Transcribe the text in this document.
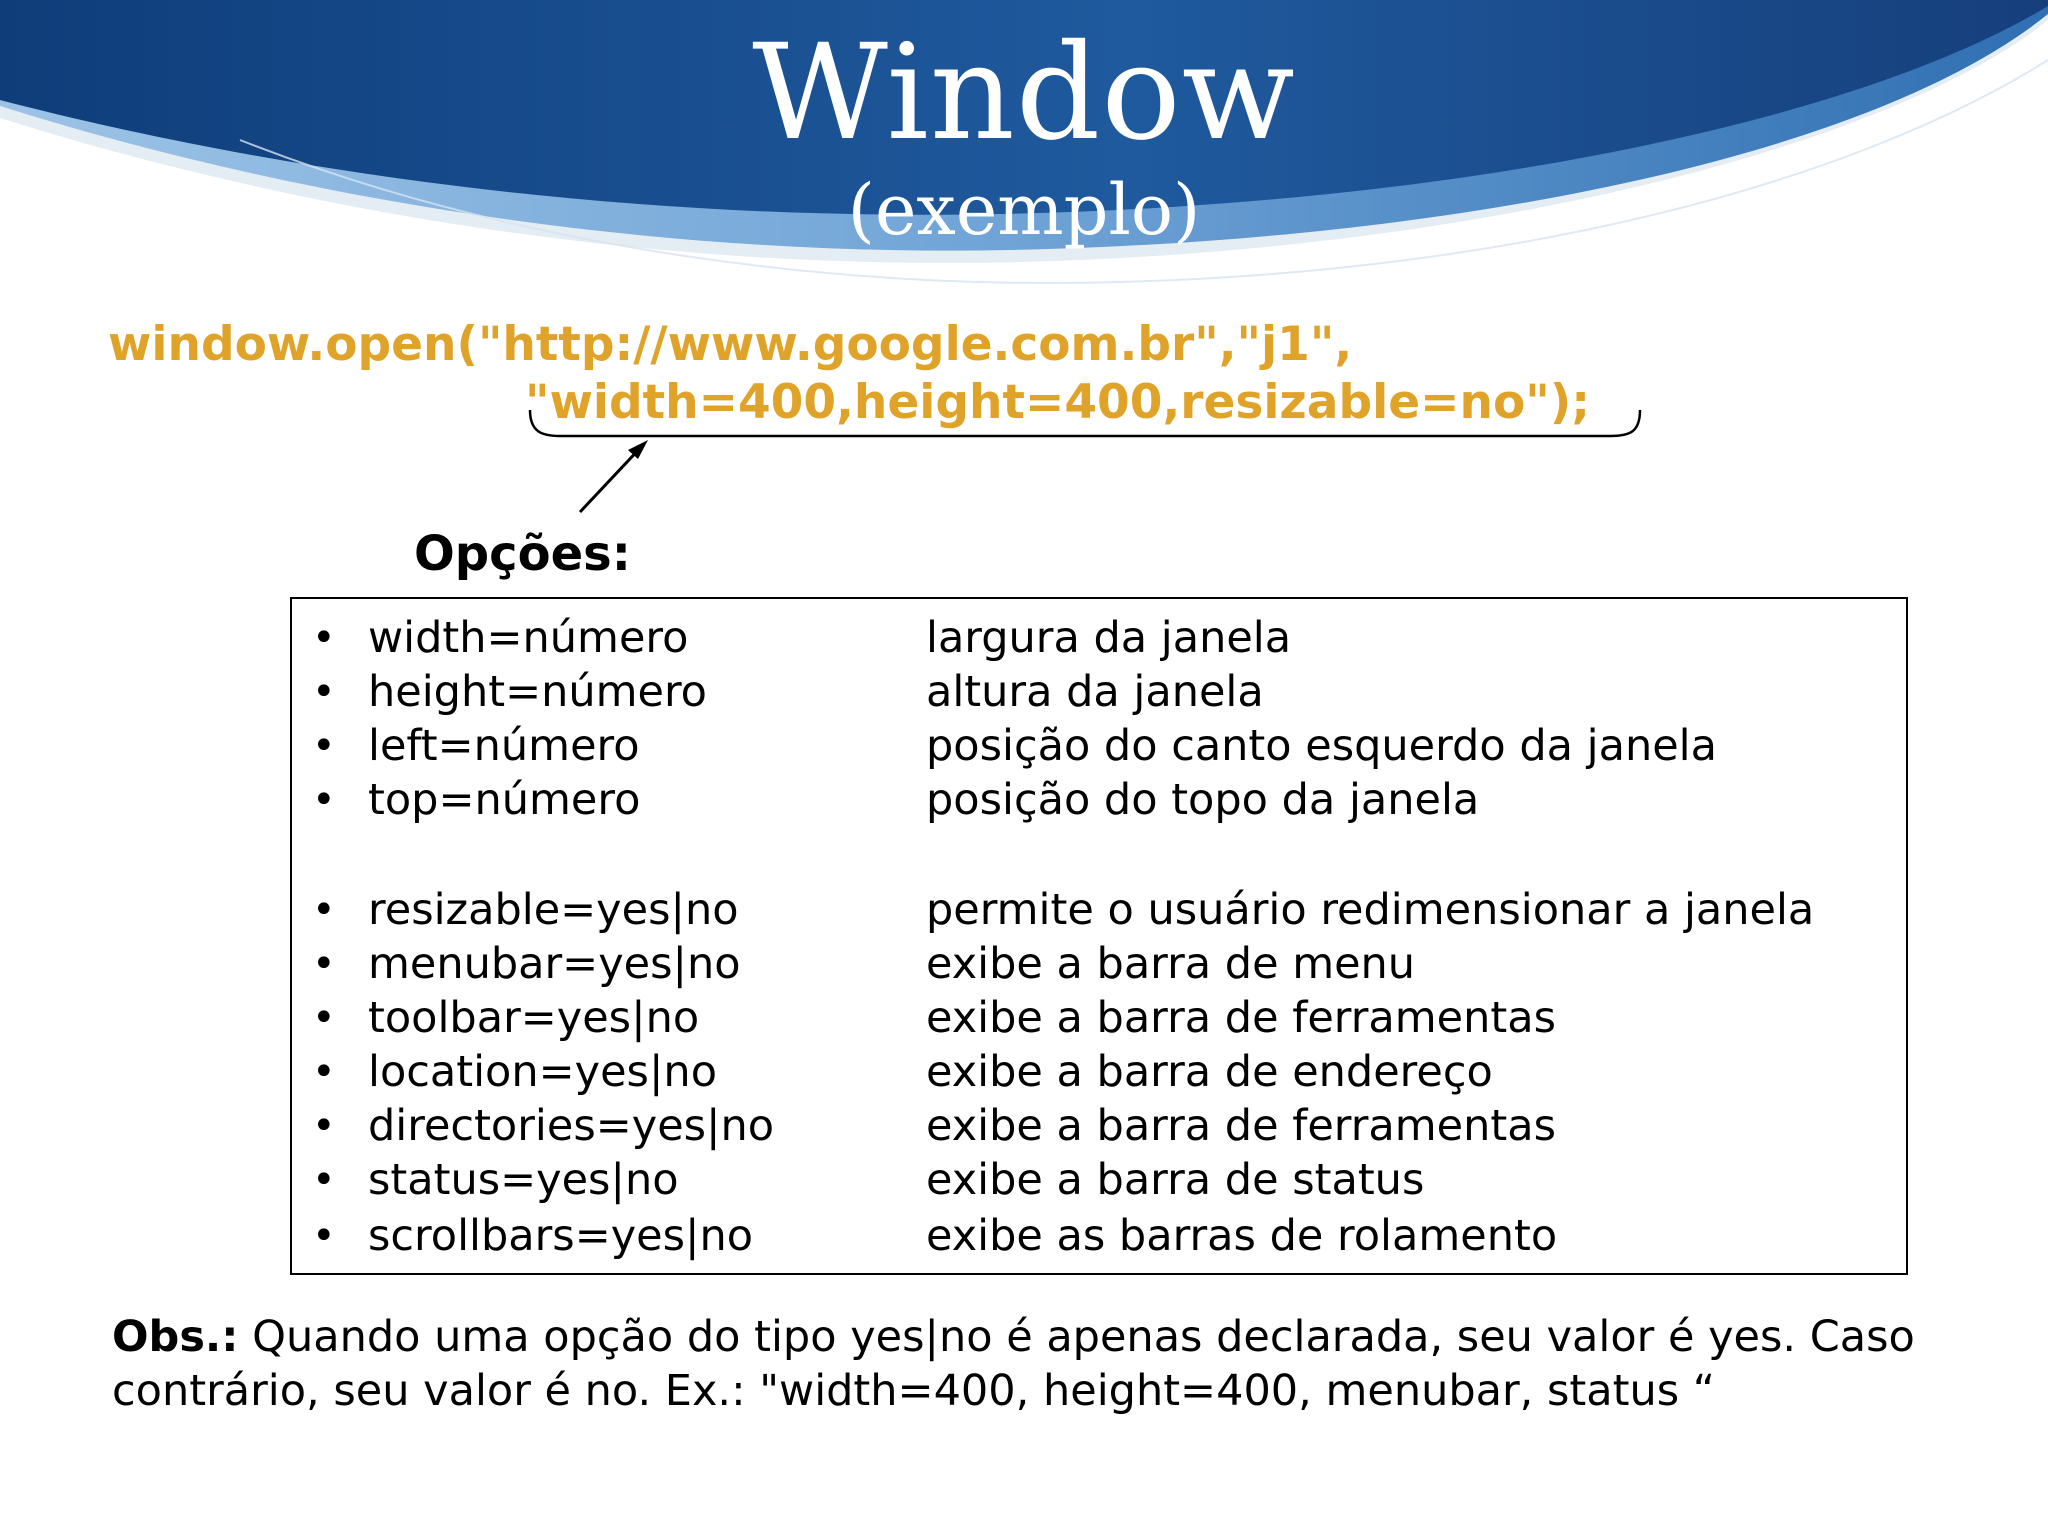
Window

(exemplo)

window.open("http://www.google.com.br","j1",
"width=400,height=400,resizable=no");
Opções:
• width=número	largura da janela
• height=número	altura da janela
• left=número	posição do canto esquerdo da janela
• top=número	posição do topo da janela
• resizable=yes|no	permite o usuário redimensionar a janela
• menubar=yes|no	exibe a barra de menu
• toolbar=yes|no	exibe a barra de ferramentas
• location=yes|no	exibe a barra de endereço
• directories=yes|no	exibe a barra de ferramentas
• status=yes|no	exibe a barra de status
• scrollbars=yes|no	exibe as barras de rolamento

Obs.: Quando uma opção do tipo yes|no é apenas declarada, seu valor é yes. Caso contrário, seu valor é no. Ex.: "width=400, height=400, menubar, status “
